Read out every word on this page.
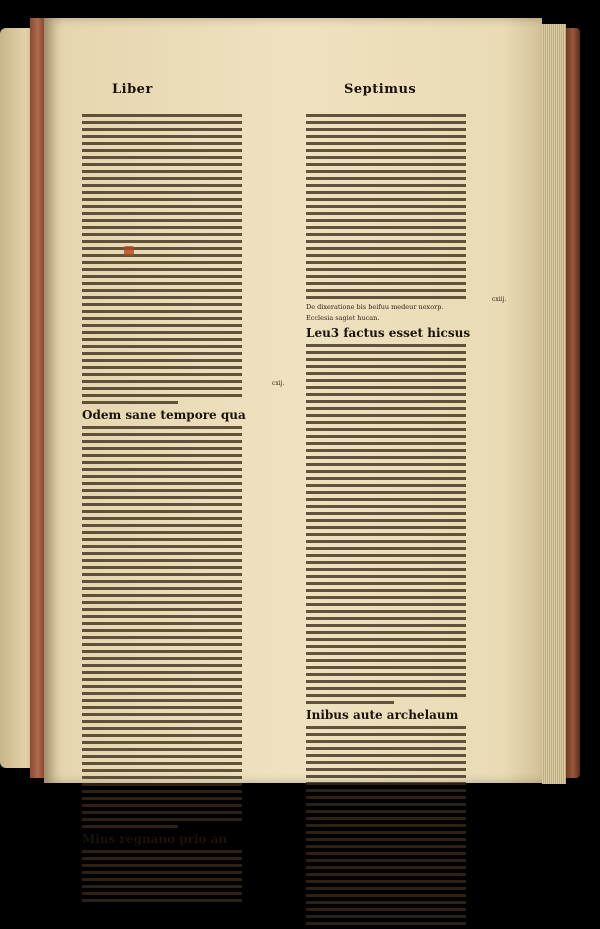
Liber	Septimus
Odem sane tempore qua
Mius regnano prio an
De dixeratione bis beifuu medeur nexorp.
Ecclesia sagiet hucan.
Leu3 factus esset hicsus
Inibus aute archelaum
cxij.
cxiij.
